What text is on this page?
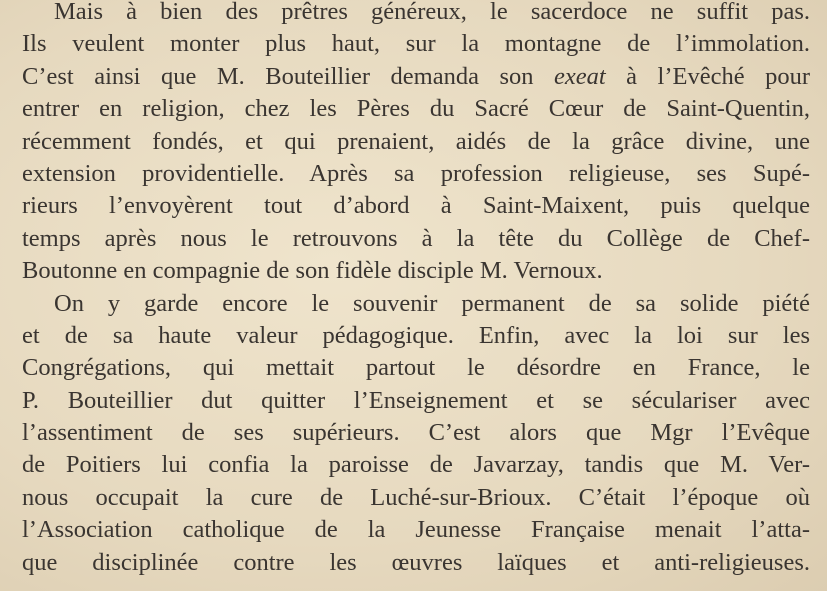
Mais à bien des prêtres généreux, le sacerdoce ne suffit pas.
Ils veulent monter plus haut, sur la montagne de l’immolation.
C’est ainsi que M. Bouteillier demanda son exeat à l’Evêché pour
entrer en religion, chez les Pères du Sacré Cœur de Saint-Quentin,
récemment fondés, et qui prenaient, aidés de la grâce divine, une
extension providentielle. Après sa profession religieuse, ses Supé-
rieurs l’envoyèrent tout d’abord à Saint-Maixent, puis quelque
temps après nous le retrouvons à la tête du Collège de Chef-
Boutonne en compagnie de son fidèle disciple M. Vernoux.
On y garde encore le souvenir permanent de sa solide piété
et de sa haute valeur pédagogique. Enfin, avec la loi sur les
Congrégations, qui mettait partout le désordre en France, le
P. Bouteillier dut quitter l’Enseignement et se séculariser avec
l’assentiment de ses supérieurs. C’est alors que Mgr l’Evêque
de Poitiers lui confia la paroisse de Javarzay, tandis que M. Ver-
nous occupait la cure de Luché-sur-Brioux. C’était l’époque où
l’Association catholique de la Jeunesse Française menait l’atta-
que disciplinée contre les œuvres laïques et anti-religieuses.
